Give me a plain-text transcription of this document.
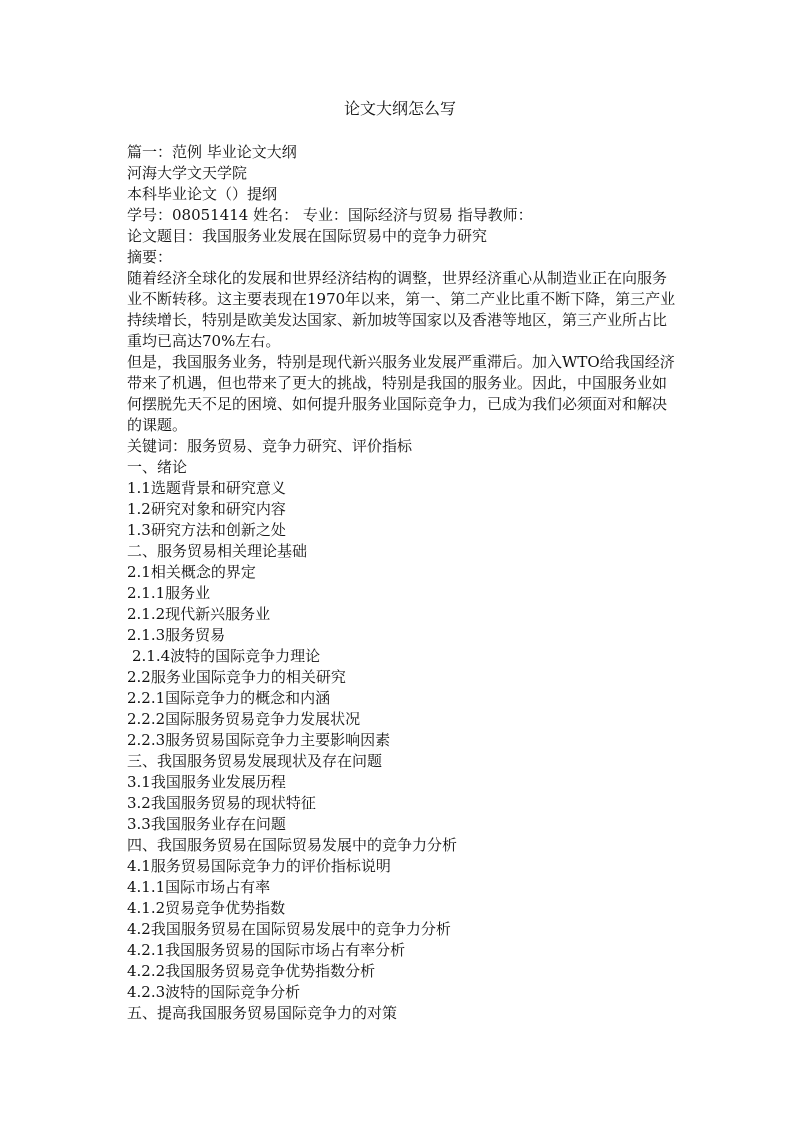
论文大纲怎么写
篇一：范例 毕业论文大纲
河海大学文天学院
本科毕业论文（）提纲
学号：08051414 姓名： 专业：国际经济与贸易 指导教师：
论文题目：我国服务业发展在国际贸易中的竞争力研究
摘要：

随着经济全球化的发展和世界经济结构的调整，世界经济重心从制造业正在向服务业不断转移。这主要表现在1970年以来，第一、第二产业比重不断下降，第三产业持续增长，特别是欧美发达国家、新加坡等国家以及香港等地区，第三产业所占比重均已高达70%左右。

但是，我国服务业务，特别是现代新兴服务业发展严重滞后。加入WTO给我国经济带来了机遇，但也带来了更大的挑战，特别是我国的服务业。因此，中国服务业如何摆脱先天不足的困境、如何提升服务业国际竞争力，已成为我们必须面对和解决的课题。

关键词：服务贸易、竞争力研究、评价指标
一、绪论
1.1选题背景和研究意义
1.2研究对象和研究内容
1.3研究方法和创新之处
二、服务贸易相关理论基础
2.1相关概念的界定
2.1.1服务业
2.1.2现代新兴服务业
2.1.3服务贸易
2.1.4波特的国际竞争力理论
2.2服务业国际竞争力的相关研究
2.2.1国际竞争力的概念和内涵
2.2.2国际服务贸易竞争力发展状况
2.2.3服务贸易国际竞争力主要影响因素
三、我国服务贸易发展现状及存在问题
3.1我国服务业发展历程
3.2我国服务贸易的现状特征
3.3我国服务业存在问题
四、我国服务贸易在国际贸易发展中的竞争力分析
4.1服务贸易国际竞争力的评价指标说明
4.1.1国际市场占有率
4.1.2贸易竞争优势指数
4.2我国服务贸易在国际贸易发展中的竞争力分析
4.2.1我国服务贸易的国际市场占有率分析
4.2.2我国服务贸易竞争优势指数分析
4.2.3波特的国际竞争分析
五、提高我国服务贸易国际竞争力的对策
